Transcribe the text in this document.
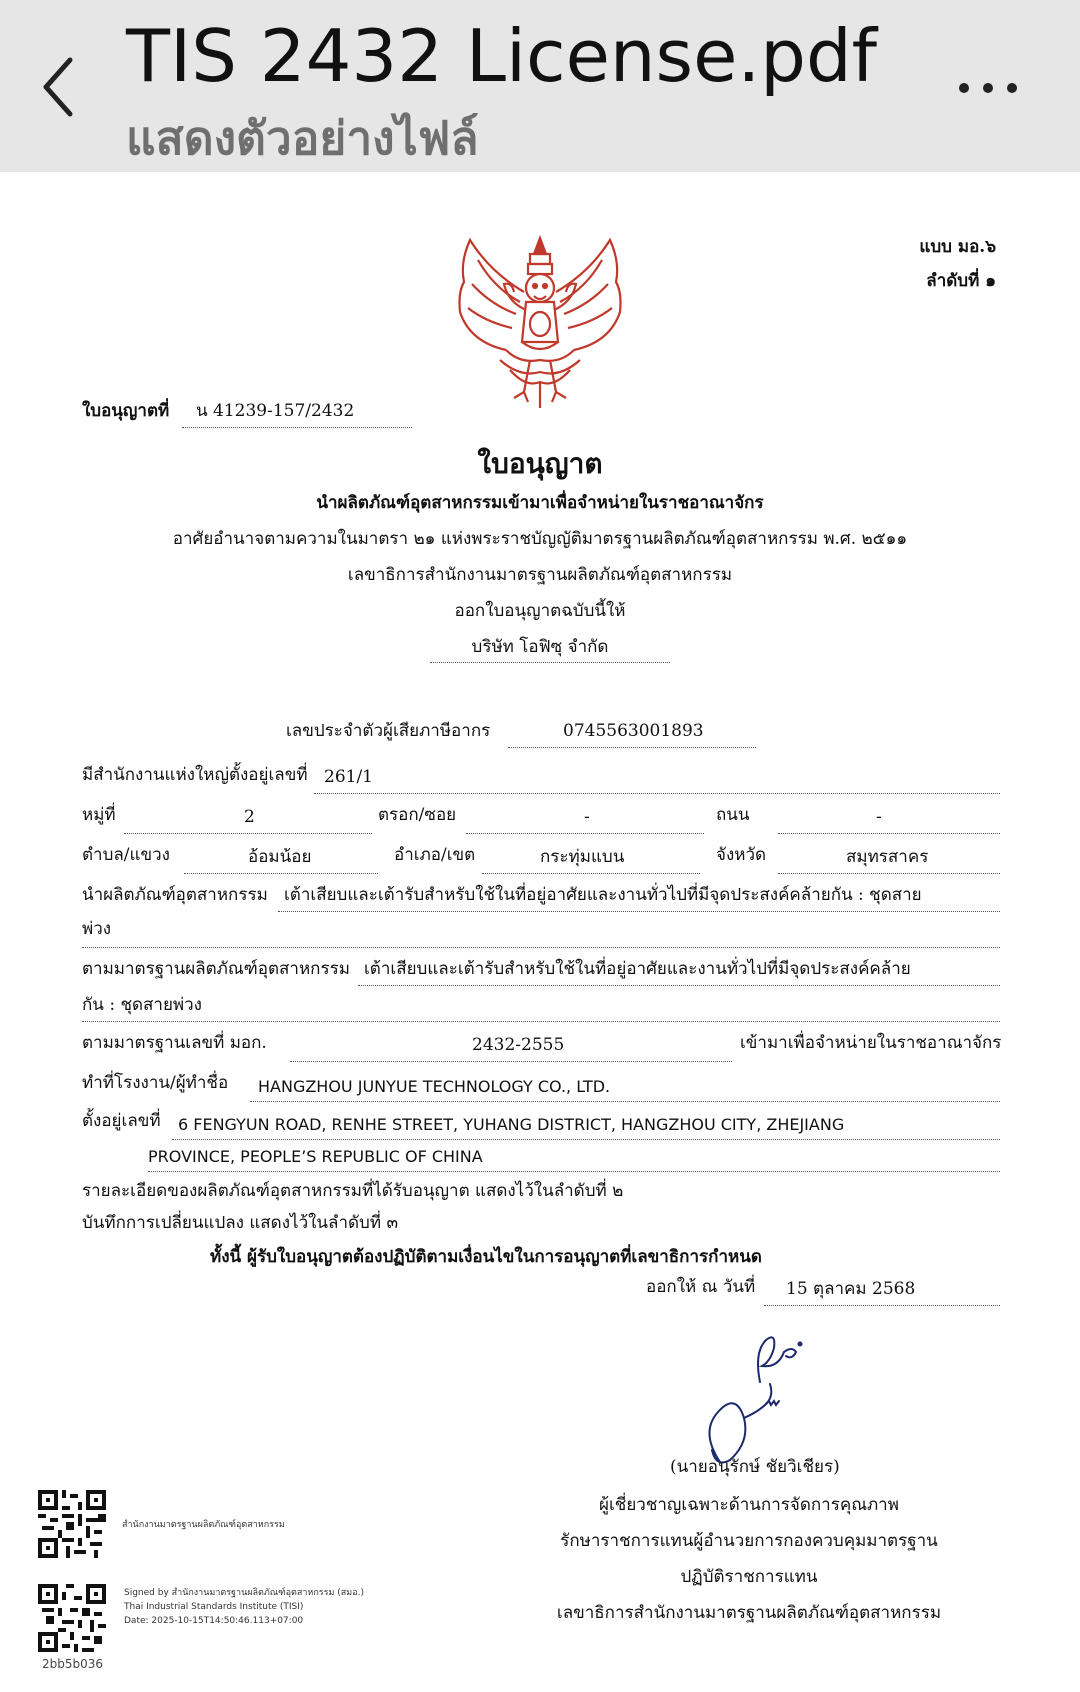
TIS 2432 License.pdf
แสดงตัวอย่างไฟล์
แบบ มอ.๖
ลำดับที่ ๑
ใบอนุญาตที่ น 41239-157/2432
ใบอนุญาต
นำผลิตภัณฑ์อุตสาหกรรมเข้ามาเพื่อจำหน่ายในราชอาณาจักร
อาศัยอำนาจตามความในมาตรา ๒๑ แห่งพระราชบัญญัติมาตรฐานผลิตภัณฑ์อุตสาหกรรม พ.ศ. ๒๕๑๑
เลขาธิการสำนักงานมาตรฐานผลิตภัณฑ์อุตสาหกรรม
ออกใบอนุญาตฉบับนี้ให้
บริษัท โอฟิซุ จำกัด
เลขประจำตัวผู้เสียภาษีอากร	0745563001893
มีสำนักงานแห่งใหญ่ตั้งอยู่เลขที่ 261/1
หมู่ที่	2	ตรอก/ซอย	-	ถนน	-
ตำบล/แขวง	อ้อมน้อย	อำเภอ/เขต	กระทุ่มแบน	จังหวัด	สมุทรสาคร
นำผลิตภัณฑ์อุตสาหกรรม เต้าเสียบและเต้ารับสำหรับใช้ในที่อยู่อาศัยและงานทั่วไปที่มีจุดประสงค์คล้ายกัน : ชุดสาย
พ่วง
ตามมาตรฐานผลิตภัณฑ์อุตสาหกรรม เต้าเสียบและเต้ารับสำหรับใช้ในที่อยู่อาศัยและงานทั่วไปที่มีจุดประสงค์คล้าย
กัน : ชุดสายพ่วง
ตามมาตรฐานเลขที่ มอก.	2432-2555	เข้ามาเพื่อจำหน่ายในราชอาณาจักร
ทำที่โรงงาน/ผู้ทำชื่อ HANGZHOU JUNYUE TECHNOLOGY CO., LTD.
ตั้งอยู่เลขที่ 6 FENGYUN ROAD, RENHE STREET, YUHANG DISTRICT, HANGZHOU CITY, ZHEJIANG
PROVINCE, PEOPLE’S REPUBLIC OF CHINA
รายละเอียดของผลิตภัณฑ์อุตสาหกรรมที่ได้รับอนุญาต แสดงไว้ในลำดับที่ ๒
บันทึกการเปลี่ยนแปลง แสดงไว้ในลำดับที่ ๓
ทั้งนี้ ผู้รับใบอนุญาตต้องปฏิบัติตามเงื่อนไขในการอนุญาตที่เลขาธิการกำหนด
ออกให้ ณ วันที่ 15 ตุลาคม 2568
(นายอนุรักษ์ ชัยวิเชียร)
ผู้เชี่ยวชาญเฉพาะด้านการจัดการคุณภาพ
รักษาราชการแทนผู้อำนวยการกองควบคุมมาตรฐาน
ปฏิบัติราชการแทน
เลขาธิการสำนักงานมาตรฐานผลิตภัณฑ์อุตสาหกรรม
สำนักงานมาตรฐานผลิตภัณฑ์อุตสาหกรรม
Signed by สำนักงานมาตรฐานผลิตภัณฑ์อุตสาหกรรม (สมอ.)
Thai Industrial Standards Institute (TISI)
Date: 2025-10-15T14:50:46.113+07:00
2bb5b036
